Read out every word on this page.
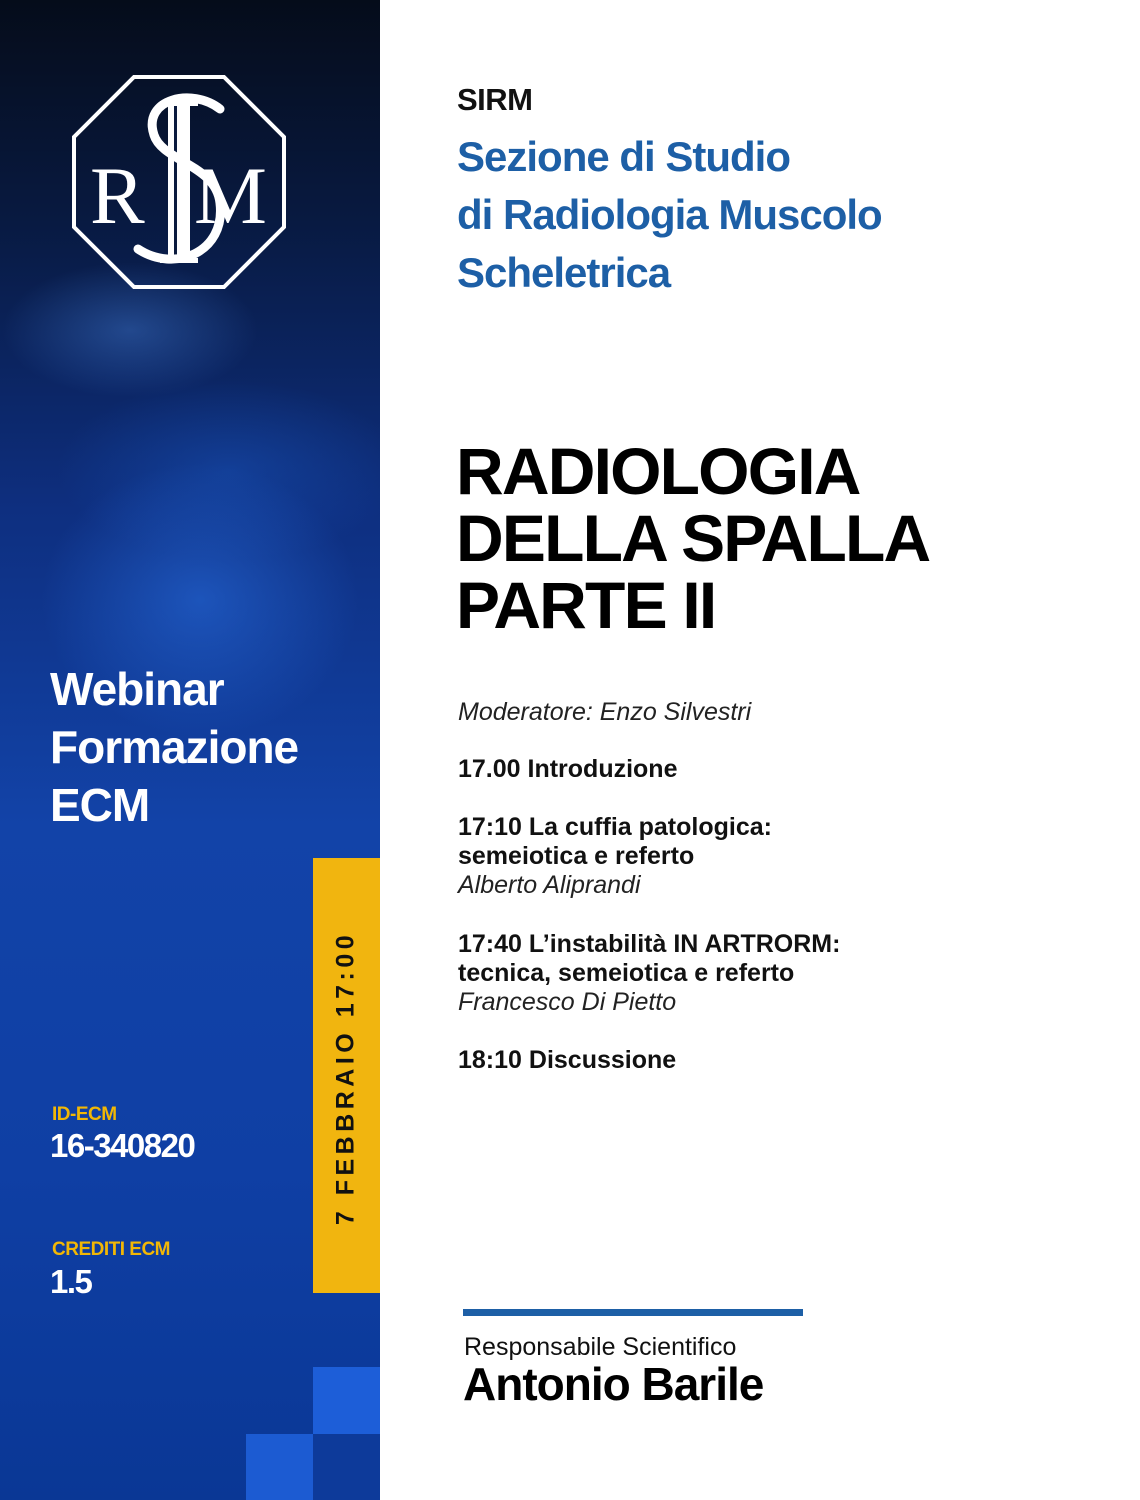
R M
Webinar
Formazione
ECM

ID-ECM

16-340820

CREDITI ECM

1.5

7 FEBBRAIO 17:00

SIRM

Sezione di Studio
di Radiologia Muscolo
Scheletrica
RADIOLOGIA
DELLA SPALLA
PARTE II

Moderatore: Enzo Silvestri

17.00 Introduzione
17:10 La cuffia patologica:
semeiotica e referto
Alberto Aliprandi
17:40 L’instabilità IN ARTRORM:
tecnica, semeiotica e referto
Francesco Di Pietto
18:10 Discussione

Responsabile Scientifico

Antonio Barile
